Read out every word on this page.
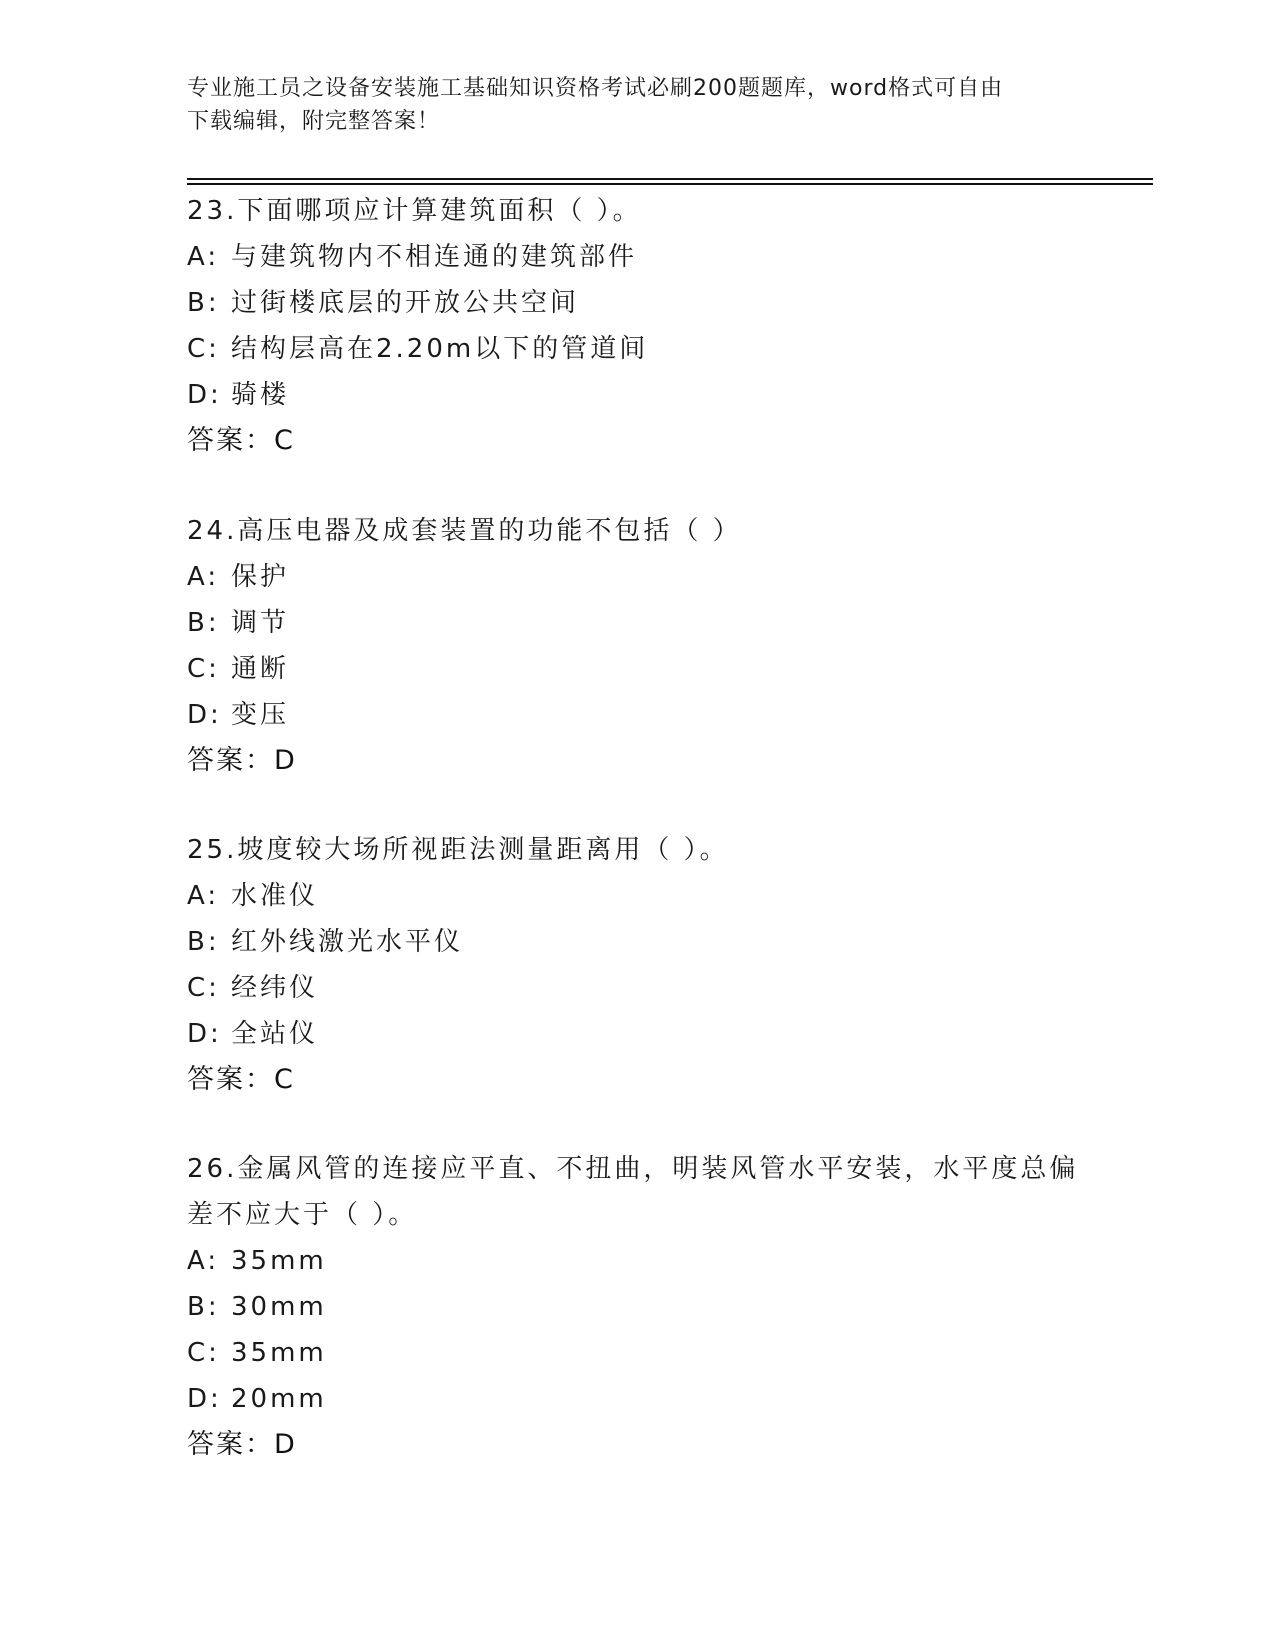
专业施工员之设备安装施工基础知识资格考试必刷200题题库，word格式可自由
下载编辑，附完整答案！
23.下面哪项应计算建筑面积（ ）。
A: 与建筑物内不相连通的建筑部件
B: 过街楼底层的开放公共空间
C: 结构层高在2.20m以下的管道间
D: 骑楼
答案：C
24.高压电器及成套装置的功能不包括（ ）
A: 保护
B: 调节
C: 通断
D: 变压
答案：D
25.坡度较大场所视距法测量距离用（ ）。
A: 水准仪
B: 红外线激光水平仪
C: 经纬仪
D: 全站仪
答案：C
26.金属风管的连接应平直、不扭曲，明装风管水平安装，水平度总偏差不应大于（ ）。
A: 35mm
B: 30mm
C: 35mm
D: 20mm
答案：D
